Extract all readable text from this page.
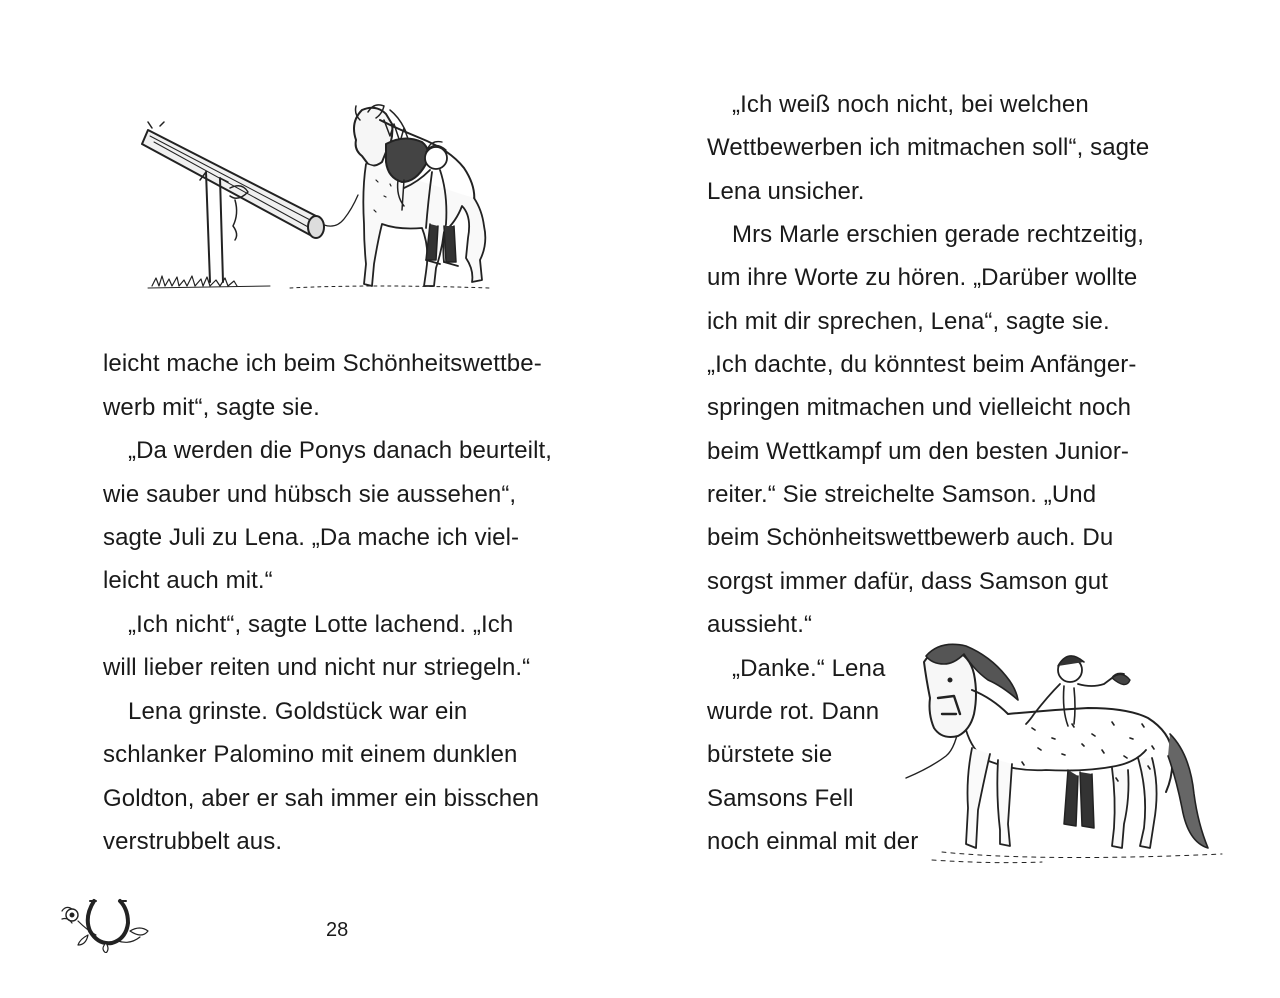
leicht mache ich beim Schönheitswettbe-
werb mit“, sagte sie.
„Da werden die Ponys danach beurteilt,
wie sauber und hübsch sie aussehen“,
sagte Juli zu Lena. „Da mache ich viel-
leicht auch mit.“
„Ich nicht“, sagte Lotte lachend. „Ich
will lieber reiten und nicht nur striegeln.“
Lena grinste. Goldstück war ein
schlanker Palomino mit einem dunklen
Goldton, aber er sah immer ein bisschen
verstrubbelt aus.
28
„Ich weiß noch nicht, bei welchen
Wettbewerben ich mitmachen soll“, sagte
Lena unsicher.
Mrs Marle erschien gerade rechtzeitig,
um ihre Worte zu hören. „Darüber wollte
ich mit dir sprechen, Lena“, sagte sie.
„Ich dachte, du könntest beim Anfänger-
springen mitmachen und vielleicht noch
beim Wettkampf um den besten Junior-
reiter.“ Sie streichelte Samson. „Und
beim Schönheitswettbewerb auch. Du
sorgst immer dafür, dass Samson gut
aussieht.“
„Danke.“ Lena
wurde rot. Dann
bürstete sie
Samsons Fell
noch einmal mit der
